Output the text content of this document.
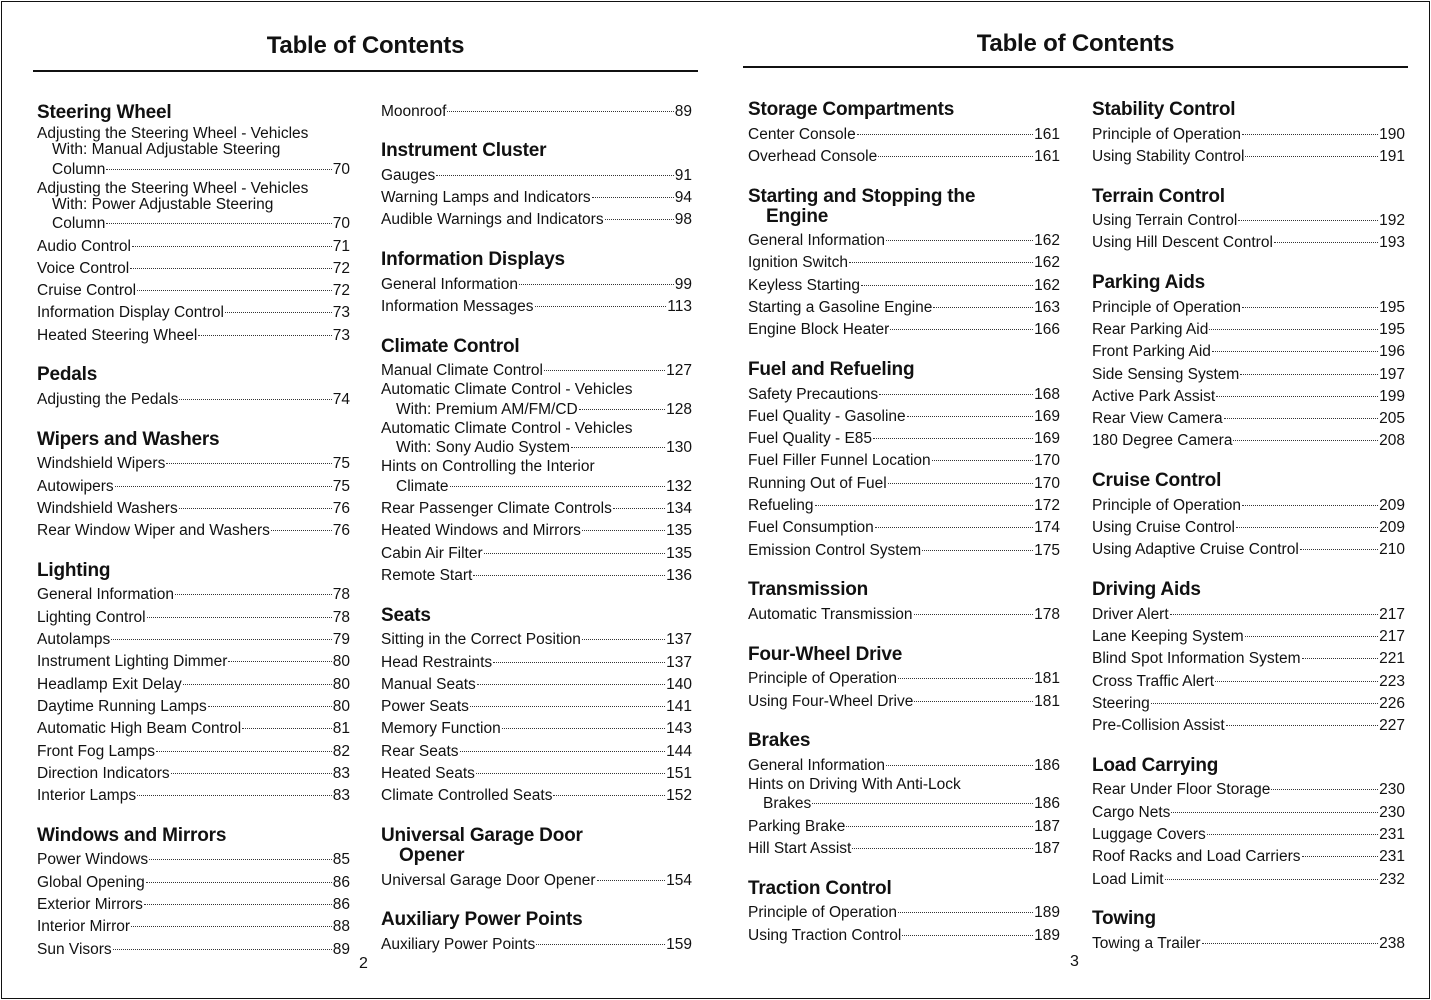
Table of Contents	Table of Contents
Steering Wheel
Adjusting the Steering Wheel - Vehicles
With: Manual Adjustable Steering
Column	70
Adjusting the Steering Wheel - Vehicles
With: Power Adjustable Steering
Column	70
Audio Control	71
Voice Control	72
Cruise Control	72
Information Display Control	73
Heated Steering Wheel	73
Pedals
Adjusting the Pedals	74
Wipers and Washers
Windshield Wipers	75
Autowipers	75
Windshield Washers	76
Rear Window Wiper and Washers	76
Lighting
General Information	78
Lighting Control	78
Autolamps	79
Instrument Lighting Dimmer	80
Headlamp Exit Delay	80
Daytime Running Lamps	80
Automatic High Beam Control	81
Front Fog Lamps	82
Direction Indicators	83
Interior Lamps	83
Windows and Mirrors
Power Windows	85
Global Opening	86
Exterior Mirrors	86
Interior Mirror	88
Sun Visors	89
Moonroof	89
Instrument Cluster
Gauges	91
Warning Lamps and Indicators	94
Audible Warnings and Indicators	98
Information Displays
General Information	99
Information Messages	113
Climate Control
Manual Climate Control	127
Automatic Climate Control - Vehicles
With: Premium AM/FM/CD	128
Automatic Climate Control - Vehicles
With: Sony Audio System	130
Hints on Controlling the Interior
Climate	132
Rear Passenger Climate Controls	134
Heated Windows and Mirrors	135
Cabin Air Filter	135
Remote Start	136
Seats
Sitting in the Correct Position	137
Head Restraints	137
Manual Seats	140
Power Seats	141
Memory Function	143
Rear Seats	144
Heated Seats	151
Climate Controlled Seats	152
Universal Garage Door
Opener
Universal Garage Door Opener	154
Auxiliary Power Points
Auxiliary Power Points	159
Storage Compartments
Center Console	161
Overhead Console	161
Starting and Stopping the
Engine
General Information	162
Ignition Switch	162
Keyless Starting	162
Starting a Gasoline Engine	163
Engine Block Heater	166
Fuel and Refueling
Safety Precautions	168
Fuel Quality - Gasoline	169
Fuel Quality - E85	169
Fuel Filler Funnel Location	170
Running Out of Fuel	170
Refueling	172
Fuel Consumption	174
Emission Control System	175
Transmission
Automatic Transmission	178
Four-Wheel Drive
Principle of Operation	181
Using Four-Wheel Drive	181
Brakes
General Information	186
Hints on Driving With Anti-Lock
Brakes	186
Parking Brake	187
Hill Start Assist	187
Traction Control
Principle of Operation	189
Using Traction Control	189
Stability Control
Principle of Operation	190
Using Stability Control	191
Terrain Control
Using Terrain Control	192
Using Hill Descent Control	193
Parking Aids
Principle of Operation	195
Rear Parking Aid	195
Front Parking Aid	196
Side Sensing System	197
Active Park Assist	199
Rear View Camera	205
180 Degree Camera	208
Cruise Control
Principle of Operation	209
Using Cruise Control	209
Using Adaptive Cruise Control	210
Driving Aids
Driver Alert	217
Lane Keeping System	217
Blind Spot Information System	221
Cross Traffic Alert	223
Steering	226
Pre-Collision Assist	227
Load Carrying
Rear Under Floor Storage	230
Cargo Nets	230
Luggage Covers	231
Roof Racks and Load Carriers	231
Load Limit	232
Towing
Towing a Trailer	238
2	3
